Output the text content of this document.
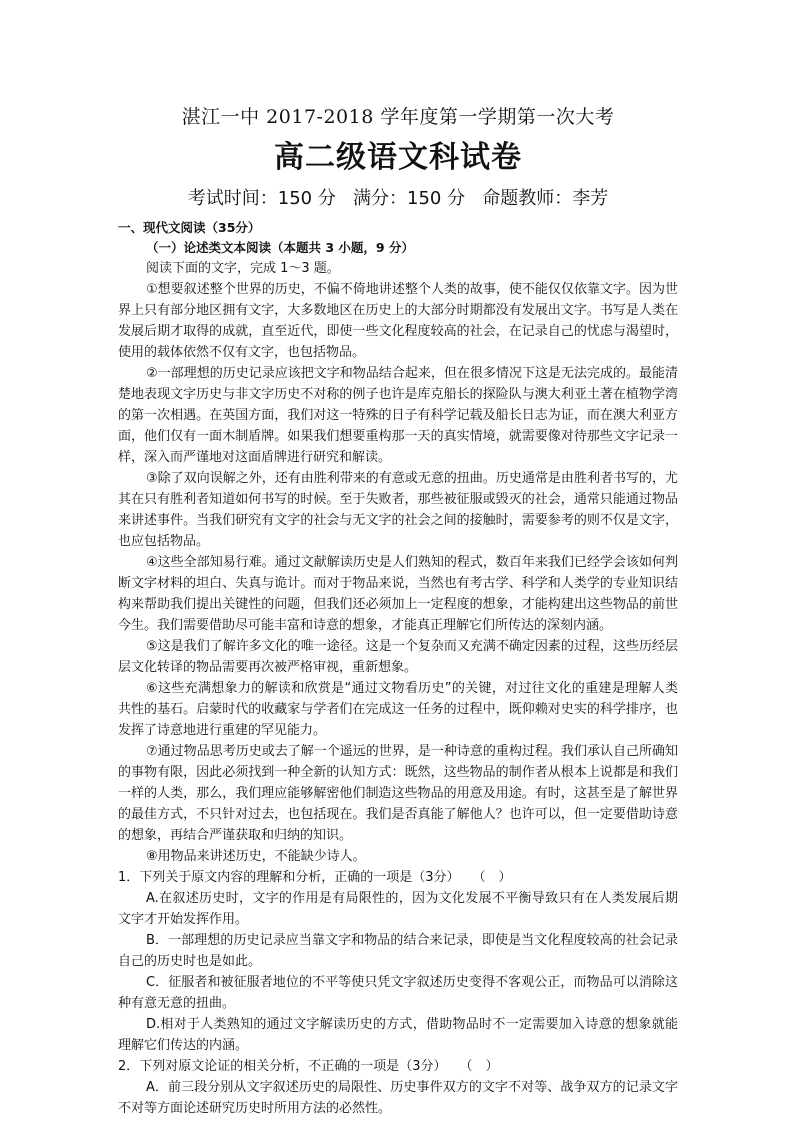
湛江一中 2017-2018 学年度第一学期第一次大考

高二级语文科试卷

考试时间：150 分   满分：150 分   命题教师：李芳

一、现代文阅读（35分）

（一）论述类文本阅读（本题共 3 小题，9 分）

阅读下面的文字，完成 1～3 题。

①想要叙述整个世界的历史，不偏不倚地讲述整个人类的故事，使不能仅仅依靠文字。因为世界上只有部分地区拥有文字，大多数地区在历史上的大部分时期都没有发展出文字。书写是人类在发展后期才取得的成就，直至近代，即使一些文化程度较高的社会，在记录自己的忧虑与渴望时，使用的载体依然不仅有文字，也包括物品。

②一部理想的历史记录应该把文字和物品结合起来，但在很多情况下这是无法完成的。最能清楚地表现文字历史与非文字历史不对称的例子也许是库克船长的探险队与澳大利亚土著在植物学湾的第一次相遇。在英国方面，我们对这一特殊的日子有科学记载及船长日志为证，而在澳大利亚方面，他们仅有一面木制盾牌。如果我们想要重构那一天的真实情境，就需要像对待那些文字记录一样，深入而严谨地对这面盾牌进行研究和解读。

③除了双向误解之外，还有由胜利带来的有意或无意的扭曲。历史通常是由胜利者书写的，尤其在只有胜利者知道如何书写的时候。至于失败者，那些被征服或毁灭的社会，通常只能通过物品来讲述事件。当我们研究有文字的社会与无文字的社会之间的接触时，需要参考的则不仅是文字，也应包括物品。

④这些全部知易行难。通过文献解读历史是人们熟知的程式，数百年来我们已经学会该如何判断文字材料的坦白、失真与诡计。而对于物品来说，当然也有考古学、科学和人类学的专业知识结构来帮助我们提出关键性的问题，但我们还必须加上一定程度的想象，才能构建出这些物品的前世今生。我们需要借助尽可能丰富和诗意的想象，才能真正理解它们所传达的深刻内涵。

⑤这是我们了解许多文化的唯一途径。这是一个复杂而又充满不确定因素的过程，这些历经层层文化转译的物品需要再次被严格审视，重新想象。

⑥这些充满想象力的解读和欣赏是“通过文物看历史”的关键，对过往文化的重建是理解人类共性的基石。启蒙时代的收藏家与学者们在完成这一任务的过程中，既仰赖对史实的科学排序，也发挥了诗意地进行重建的罕见能力。

⑦通过物品思考历史或去了解一个遥远的世界，是一种诗意的重构过程。我们承认自己所确知的事物有限，因此必须找到一种全新的认知方式：既然，这些物品的制作者从根本上说都是和我们一样的人类，那么，我们理应能够解密他们制造这些物品的用意及用途。有时，这甚至是了解世界的最佳方式，不只针对过去，也包括现在。我们是否真能了解他人？也许可以，但一定要借助诗意的想象，再结合严谨获取和归纳的知识。

⑧用物品来讲述历史，不能缺少诗人。

1．下列关于原文内容的理解和分析，正确的一项是（3分）　　（　）

A.在叙述历史时，文字的作用是有局限性的，因为文化发展不平衡导致只有在人类发展后期文字才开始发挥作用。

B．一部理想的历史记录应当靠文字和物品的结合来记录，即使是当文化程度较高的社会记录自己的历史时也是如此。

C．征服者和被征服者地位的不平等使只凭文字叙述历史变得不客观公正，而物品可以消除这种有意无意的扭曲。

D.相对于人类熟知的通过文字解读历史的方式，借助物品时不一定需要加入诗意的想象就能理解它们传达的内涵。

2．下列对原文论证的相关分析，不正确的一项是（3分）　　（　）

A．前三段分别从文字叙述历史的局限性、历史事件双方的文字不对等、战争双方的记录文字不对等方面论述研究历史时所用方法的必然性。
